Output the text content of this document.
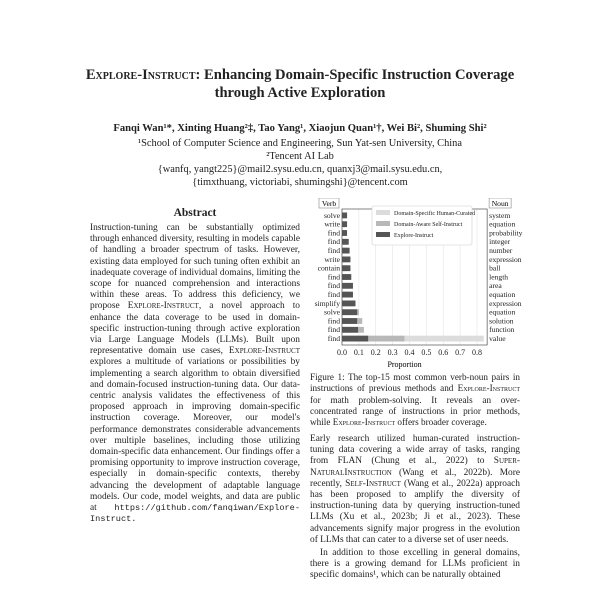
Explore-Instruct: Enhancing Domain-Specific Instruction Coverage
through Active Exploration
Fanqi Wan¹*, Xinting Huang²‡, Tao Yang¹, Xiaojun Quan¹†, Wei Bi², Shuming Shi²
¹School of Computer Science and Engineering, Sun Yat-sen University, China
²Tencent AI Lab
{wanfq, yangt225}@mail2.sysu.edu.cn, quanxj3@mail.sysu.edu.cn,
{timxthuang, victoriabi, shumingshi}@tencent.com
Abstract

Instruction-tuning can be substantially optimized through enhanced diversity, resulting in models capable of handling a broader spectrum of tasks. However, existing data employed for such tuning often exhibit an inadequate coverage of individual domains, limiting the scope for nuanced comprehension and interactions within these areas. To address this deficiency, we propose Explore-Instruct, a novel approach to enhance the data coverage to be used in domain-specific instruction-tuning through active exploration via Large Language Models (LLMs). Built upon representative domain use cases, Explore-Instruct explores a multitude of variations or possibilities by implementing a search algorithm to obtain diversified and domain-focused instruction-tuning data. Our data-centric analysis validates the effectiveness of this proposed approach in improving domain-specific instruction coverage. Moreover, our model's performance demonstrates considerable advancements over multiple baselines, including those utilizing domain-specific data enhancement. Our findings offer a promising opportunity to improve instruction coverage, especially in domain-specific contexts, thereby advancing the development of adaptable language models. Our code, model weights, and data are public at https://github.com/fanqiwan/Explore-Instruct.

0.0 0.1 0.2 0.3 0.4 0.5 0.6 0.7 0.8
solve
write
find
find
find
write
contain
find
find
find
simplify
solve
find
find
find
system
equation
probability
integer
number
expression
ball
length
area
equation
expression
equation
solution
function
value
Verb	Noun
Proportion
Domain-Specific Human-Curated
Domain-Aware Self-Instruct
Explore-Instruct
Figure 1: The top-15 most common verb-noun pairs in instructions of previous methods and Explore-Instruct for math problem-solving. It reveals an over-concentrated range of instructions in prior methods, while Explore-Instruct offers broader coverage.

Early research utilized human-curated instruction-tuning data covering a wide array of tasks, ranging from FLAN (Chung et al., 2022) to Super-NaturalInstruction (Wang et al., 2022b). More recently, Self-Instruct (Wang et al., 2022a) approach has been proposed to amplify the diversity of instruction-tuning data by querying instruction-tuned LLMs (Xu et al., 2023b; Ji et al., 2023). These advancements signify major progress in the evolution of LLMs that can cater to a diverse set of user needs.

In addition to those excelling in general domains, there is a growing demand for LLMs proficient in specific domains¹, which can be naturally obtained
